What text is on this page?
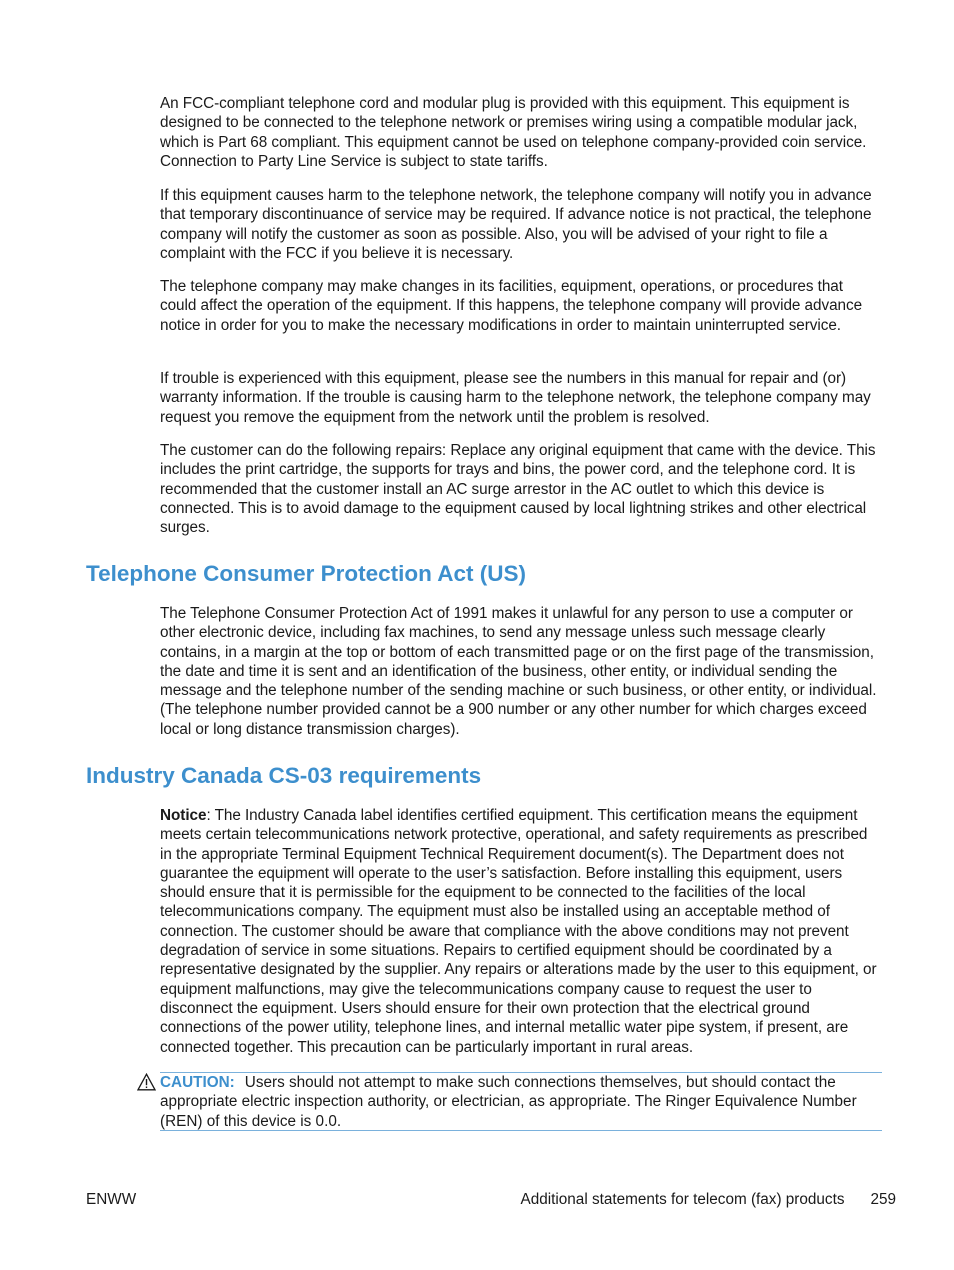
An FCC-compliant telephone cord and modular plug is provided with this equipment. This equipment is designed to be connected to the telephone network or premises wiring using a compatible modular jack, which is Part 68 compliant. This equipment cannot be used on telephone company-provided coin service. Connection to Party Line Service is subject to state tariffs.

If this equipment causes harm to the telephone network, the telephone company will notify you in advance that temporary discontinuance of service may be required. If advance notice is not practical, the telephone company will notify the customer as soon as possible. Also, you will be advised of your right to file a complaint with the FCC if you believe it is necessary.

The telephone company may make changes in its facilities, equipment, operations, or procedures that could affect the operation of the equipment. If this happens, the telephone company will provide advance notice in order for you to make the necessary modifications in order to maintain uninterrupted service.

If trouble is experienced with this equipment, please see the numbers in this manual for repair and (or) warranty information. If the trouble is causing harm to the telephone network, the telephone company may request you remove the equipment from the network until the problem is resolved.

The customer can do the following repairs: Replace any original equipment that came with the device. This includes the print cartridge, the supports for trays and bins, the power cord, and the telephone cord. It is recommended that the customer install an AC surge arrestor in the AC outlet to which this device is connected. This is to avoid damage to the equipment caused by local lightning strikes and other electrical surges.

Telephone Consumer Protection Act (US)

The Telephone Consumer Protection Act of 1991 makes it unlawful for any person to use a computer or other electronic device, including fax machines, to send any message unless such message clearly contains, in a margin at the top or bottom of each transmitted page or on the first page of the transmission, the date and time it is sent and an identification of the business, other entity, or individual sending the message and the telephone number of the sending machine or such business, or other entity, or individual. (The telephone number provided cannot be a 900 number or any other number for which charges exceed local or long distance transmission charges).

Industry Canada CS-03 requirements

Notice: The Industry Canada label identifies certified equipment. This certification means the equipment meets certain telecommunications network protective, operational, and safety requirements as prescribed in the appropriate Terminal Equipment Technical Requirement document(s). The Department does not guarantee the equipment will operate to the user’s satisfaction. Before installing this equipment, users should ensure that it is permissible for the equipment to be connected to the facilities of the local telecommunications company. The equipment must also be installed using an acceptable method of connection. The customer should be aware that compliance with the above conditions may not prevent degradation of service in some situations. Repairs to certified equipment should be coordinated by a representative designated by the supplier. Any repairs or alterations made by the user to this equipment, or equipment malfunctions, may give the telecommunications company cause to request the user to disconnect the equipment. Users should ensure for their own protection that the electrical ground connections of the power utility, telephone lines, and internal metallic water pipe system, if present, are connected together. This precaution can be particularly important in rural areas.

CAUTION: Users should not attempt to make such connections themselves, but should contact the appropriate electric inspection authority, or electrician, as appropriate. The Ringer Equivalence Number (REN) of this device is 0.0.

ENWW	Additional statements for telecom (fax) products 259
